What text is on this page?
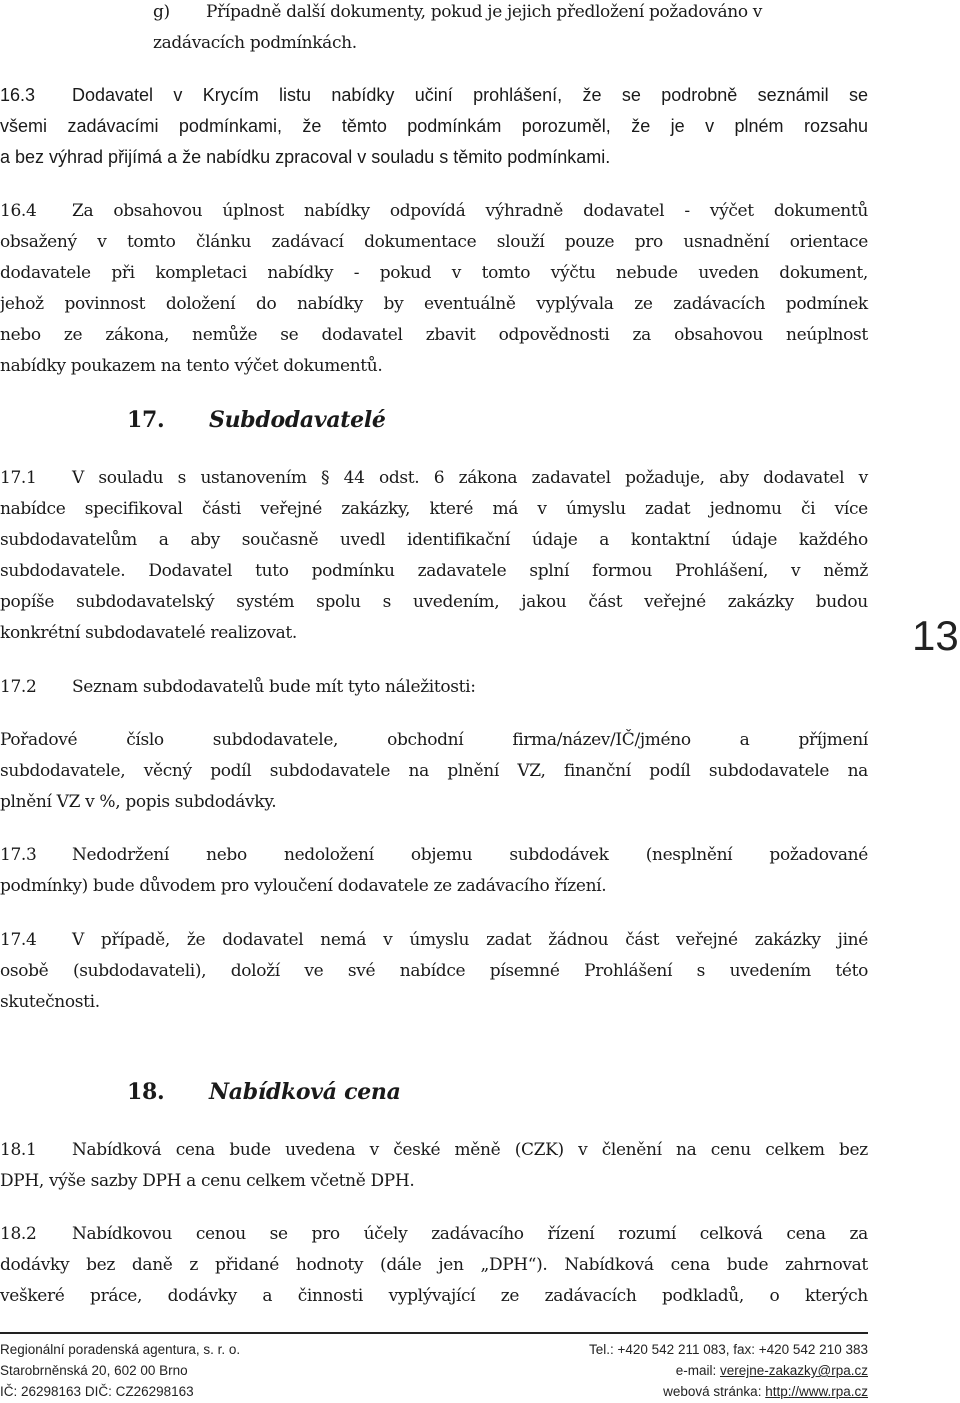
g) Případně další dokumenty, pokud je jejich předložení požadováno v
zadávacích podmínkách.
16.3 Dodavatel v Krycím listu nabídky učiní prohlášení, že se podrobně seznámil se
všemi zadávacími podmínkami, že těmto podmínkám porozuměl, že je v plném rozsahu
a bez výhrad přijímá a že nabídku zpracoval v souladu s těmito podmínkami.
16.4 Za obsahovou úplnost nabídky odpovídá výhradně dodavatel - výčet dokumentů
obsažený v tomto článku zadávací dokumentace slouží pouze pro usnadnění orientace
dodavatele při kompletaci nabídky - pokud v tomto výčtu nebude uveden dokument,
jehož povinnost doložení do nabídky by eventuálně vyplývala ze zadávacích podmínek
nebo ze zákona, nemůže se dodavatel zbavit odpovědnosti za obsahovou neúplnost
nabídky poukazem na tento výčet dokumentů.
17. Subdodavatelé
17.1 V souladu s ustanovením § 44 odst. 6 zákona zadavatel požaduje, aby dodavatel v
nabídce specifikoval části veřejné zakázky, které má v úmyslu zadat jednomu či více
subdodavatelům a aby současně uvedl identifikační údaje a kontaktní údaje každého
subdodavatele. Dodavatel tuto podmínku zadavatele splní formou Prohlášení, v němž
popíše subdodavatelský systém spolu s uvedením, jakou část veřejné zakázky budou
konkrétní subdodavatelé realizovat.	13
17.2 Seznam subdodavatelů bude mít tyto náležitosti:
Pořadové	číslo	subdodavatele,	obchodní	firma/název/IČ/jméno	a	příjmení
subdodavatele, věcný podíl subdodavatele na plnění VZ, finanční podíl subdodavatele na
plnění VZ v %, popis subdodávky.
17.3 Nedodržení nebo nedoložení objemu subdodávek (nesplnění požadované
podmínky) bude důvodem pro vyloučení dodavatele ze zadávacího řízení.
17.4 V případě, že dodavatel nemá v úmyslu zadat žádnou část veřejné zakázky jiné
osobě (subdodavateli), doloží ve své nabídce písemné Prohlášení s uvedením této
skutečnosti.
18. Nabídková cena
18.1 Nabídková cena bude uvedena v české měně (CZK) v členění na cenu celkem bez
DPH, výše sazby DPH a cenu celkem včetně DPH.
18.2 Nabídkovou cenou se pro účely zadávacího řízení rozumí celková cena za
dodávky bez daně z přidané hodnoty (dále jen „DPH“). Nabídková cena bude zahrnovat
veškeré práce, dodávky a činnosti vyplývající ze zadávacích podkladů, o kterých
Regionální poradenská agentura, s. r. o.	Tel.: +420 542 211 083, fax: +420 542 210 383
Starobrněnská 20, 602 00 Brno	e-mail: verejne-zakazky@rpa.cz
IČ: 26298163 DIČ: CZ26298163	webová stránka: http://www.rpa.cz
